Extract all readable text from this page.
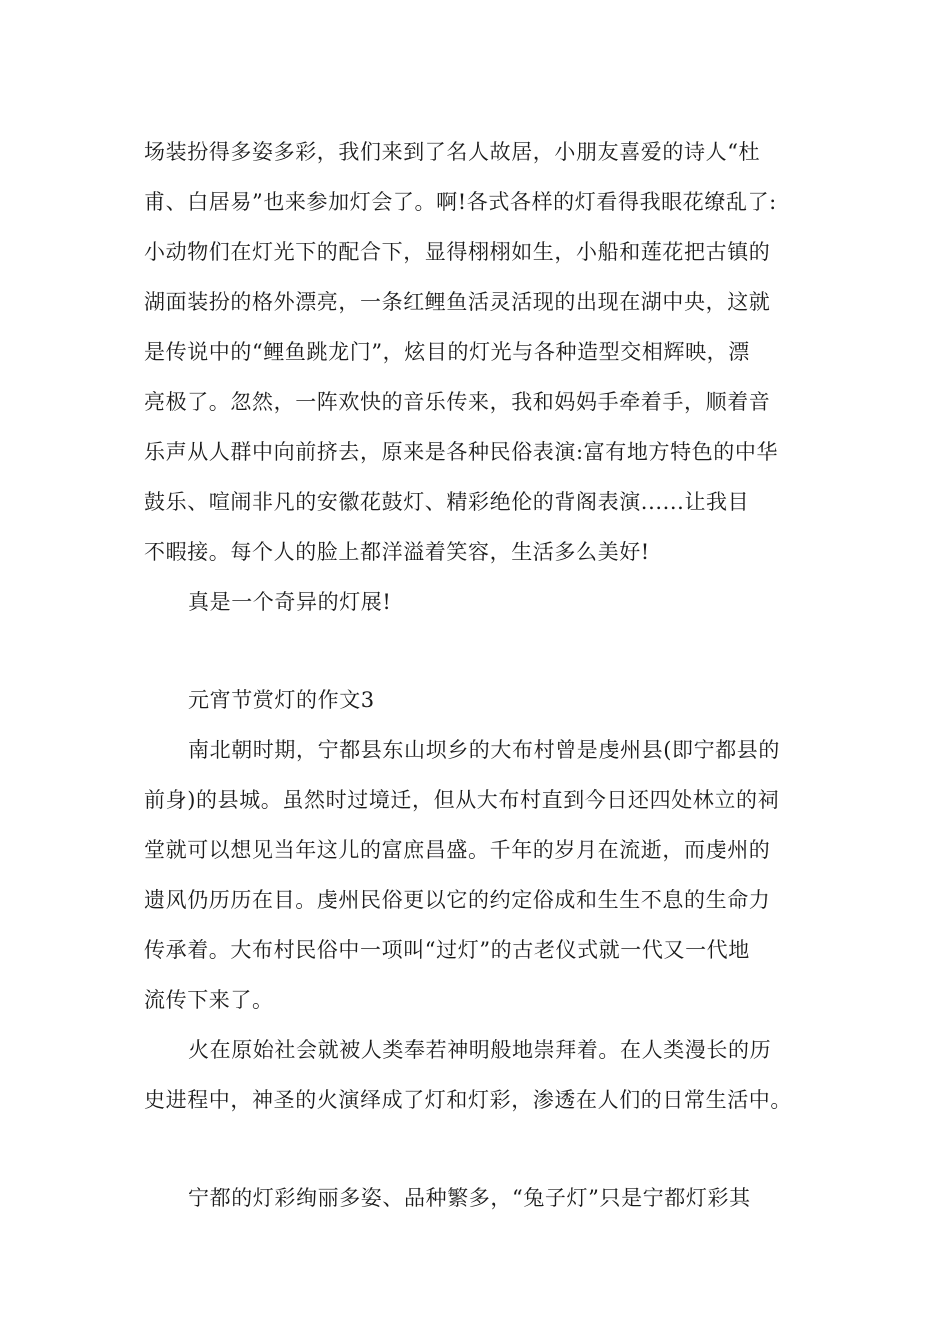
场装扮得多姿多彩，我们来到了名人故居，小朋友喜爱的诗人“杜
甫、白居易”也来参加灯会了。啊!各式各样的灯看得我眼花缭乱了:
小动物们在灯光下的配合下，显得栩栩如生，小船和莲花把古镇的
湖面装扮的格外漂亮，一条红鲤鱼活灵活现的出现在湖中央，这就
是传说中的“鲤鱼跳龙门”，炫目的灯光与各种造型交相辉映，漂
亮极了。忽然，一阵欢快的音乐传来，我和妈妈手牵着手，顺着音
乐声从人群中向前挤去，原来是各种民俗表演:富有地方特色的中华
鼓乐、喧闹非凡的安徽花鼓灯、精彩绝伦的背阁表演......让我目
不暇接。每个人的脸上都洋溢着笑容，生活多么美好!
真是一个奇异的灯展!
元宵节赏灯的作文3
南北朝时期，宁都县东山坝乡的大布村曾是虔州县(即宁都县的
前身)的县城。虽然时过境迁，但从大布村直到今日还四处林立的祠
堂就可以想见当年这儿的富庶昌盛。千年的岁月在流逝，而虔州的
遗风仍历历在目。虔州民俗更以它的约定俗成和生生不息的生命力
传承着。大布村民俗中一项叫“过灯”的古老仪式就一代又一代地
流传下来了。
火在原始社会就被人类奉若神明般地崇拜着。在人类漫长的历
史进程中，神圣的火演绎成了灯和灯彩，渗透在人们的日常生活中。
宁都的灯彩绚丽多姿、品种繁多，“兔子灯”只是宁都灯彩其
